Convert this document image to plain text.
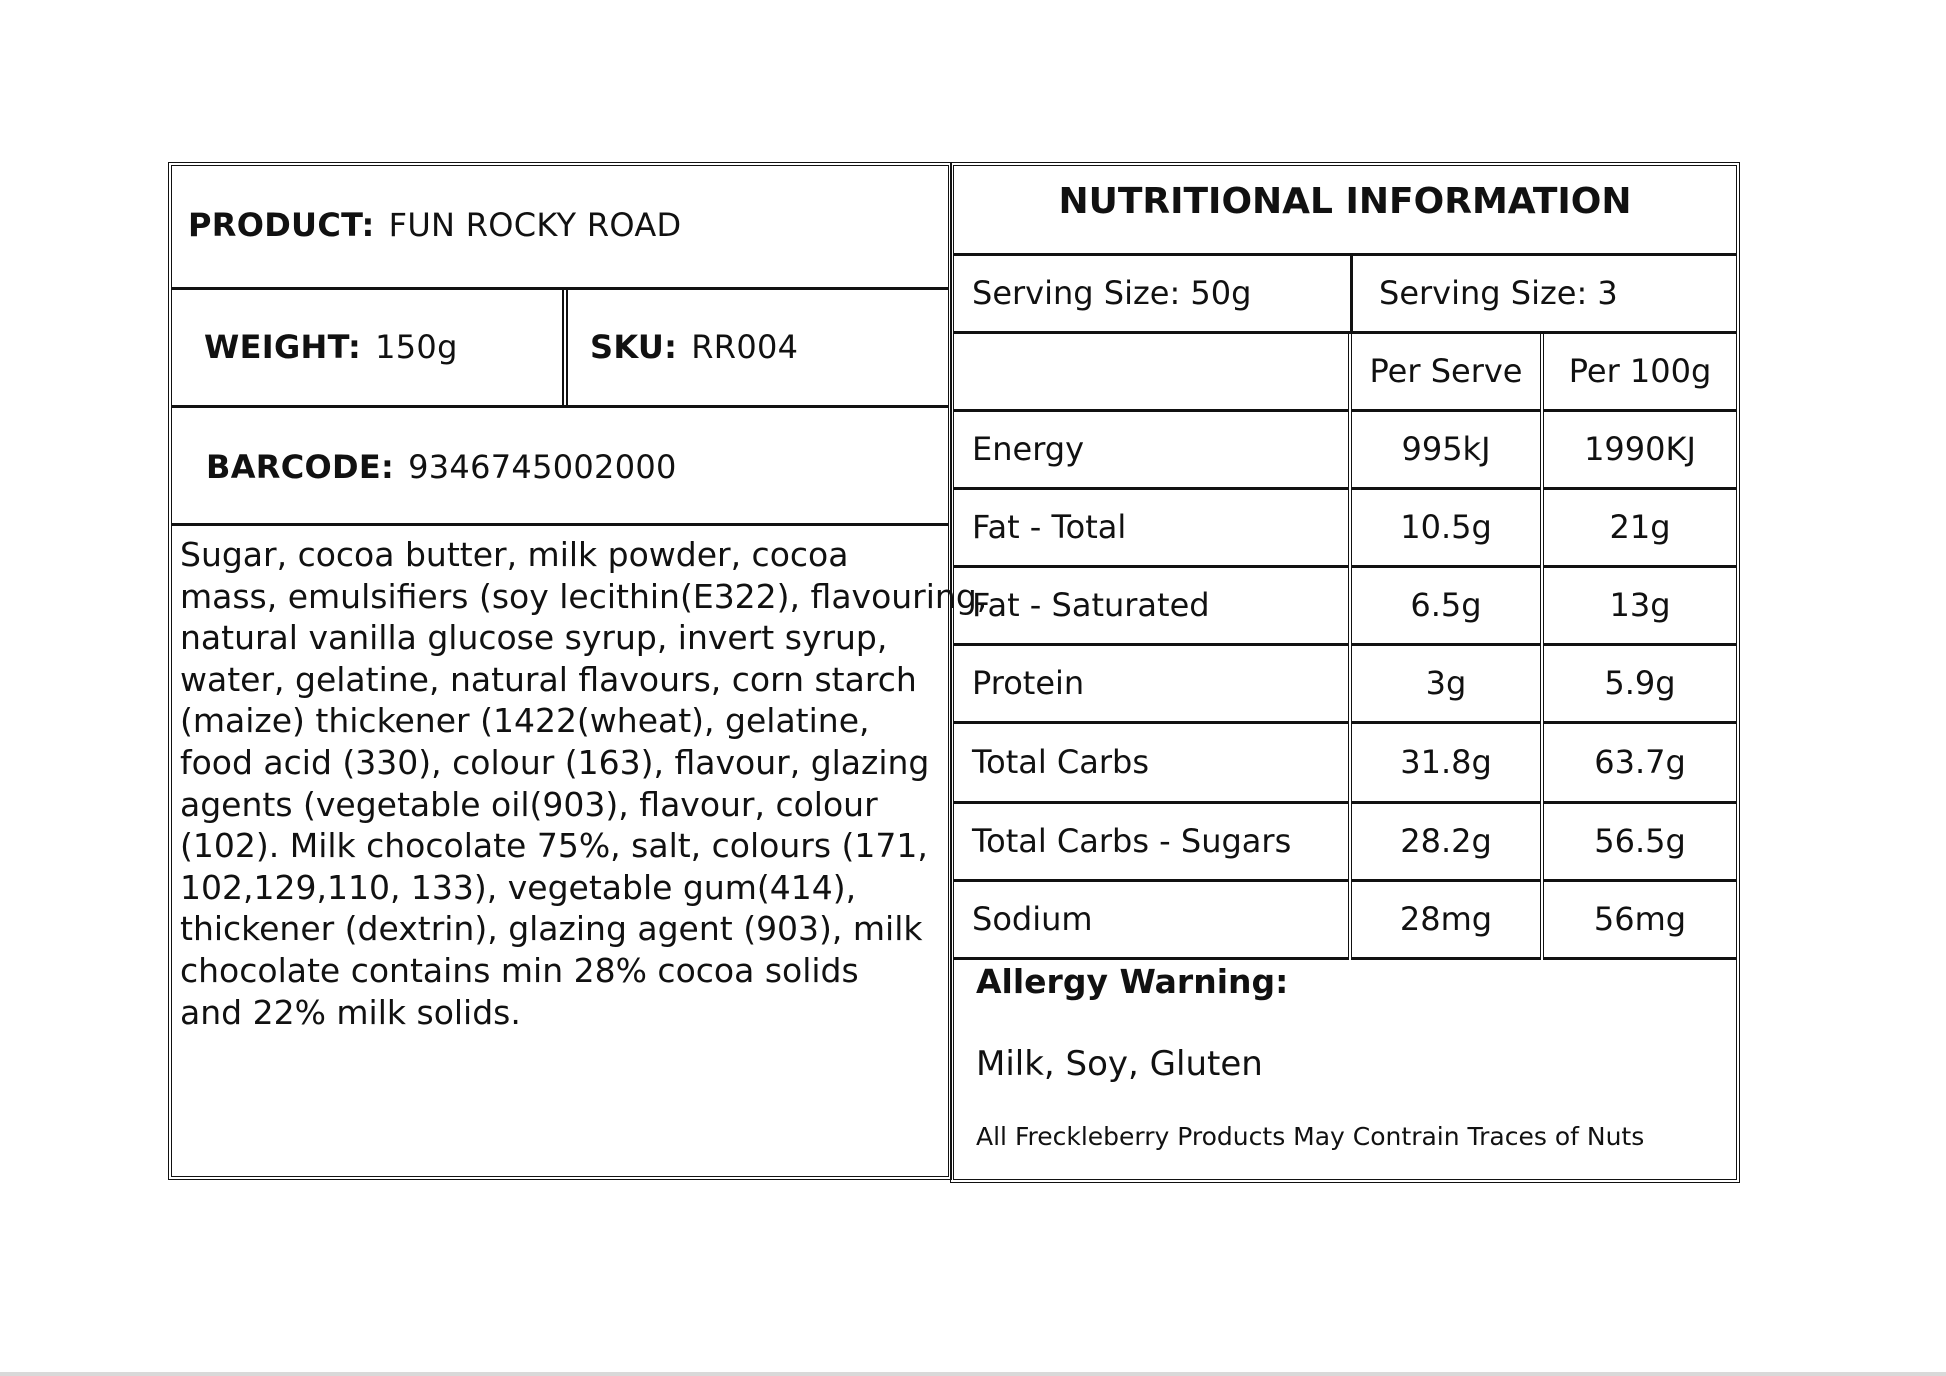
PRODUCT: FUN ROCKY ROAD
WEIGHT: 150g	SKU: RR004
BARCODE: 9346745002000

Sugar, cocoa butter, milk powder, cocoa
mass, emulsifiers (soy lecithin(E322), flavouring,
natural vanilla glucose syrup, invert syrup,
water, gelatine, natural flavours, corn starch
(maize) thickener (1422(wheat), gelatine,
food acid (330), colour (163), flavour, glazing
agents (vegetable oil(903), flavour, colour
(102). Milk chocolate 75%, salt, colours (171,
102,129,110, 133), vegetable gum(414),
thickener (dextrin), glazing agent (903), milk
chocolate contains min 28% cocoa solids
and 22% milk solids.

NUTRITIONAL INFORMATION
Serving Size: 50g	Serving Size: 3
	Per Serve	Per 100g
Energy	995kJ	1990KJ
Fat - Total	10.5g	21g
Fat - Saturated	6.5g	13g
Protein	3g	5.9g
Total Carbs	31.8g	63.7g
Total Carbs - Sugars	28.2g	56.5g
Sodium	28mg	56mg
Allergy Warning:
Milk, Soy, Gluten
All Freckleberry Products May Contrain Traces of Nuts
